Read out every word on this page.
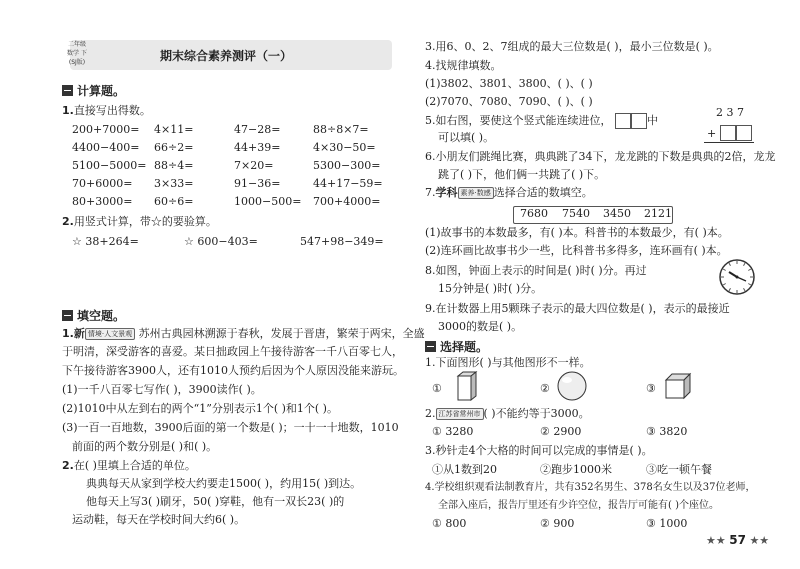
二年级
数学 下
(SJ版)	期末综合素养测评（一）
计算题。
1.直接写出得数。
200+7000= 4×11=	47−28=	88÷8×7=
4400−400= 66÷2=	44+39=	4×30−50=
5100−5000= 88÷4=	7×20=	5300−300=
70+6000= 3×33=	91−36=	44+17−59=
80+3000= 60÷6=	1000−500= 700+4000=
2.用竖式计算，带☆的要验算。
☆ 38+264=	☆ 600−403=	547+98−349=
填空题。
1.新 情境·人文景观 苏州古典园林溯源于春秋，发展于晋唐，繁荣于两宋，全盛
于明清，深受游客的喜爱。某日拙政园上午接待游客一千八百零七人，
下午接待游客3900人，还有1010人预约后因为个人原因没能来游玩。
(1)一千八百零七写作( )，3900读作( )。
(2)1010中从左到右的两个“1”分别表示1个( )和1个( )。
(3)一百一百地数，3900后面的第一个数是( )；一十一十地数，1010
前面的两个数分别是( )和( )。
2.在( )里填上合适的单位。
典典每天从家到学校大约要走1500( )，约用15( )到达。
他每天上写3( )刷牙，50( )穿鞋，他有一双长23( )的
运动鞋，每天在学校时间大约6( )。
3.用6、0、2、7组成的最大三位数是( )，最小三位数是( )。
4.找规律填数。
(1)3802、3801、3800、( )、( )
(2)7070、7080、7090、( )、( )
5.如右图，要使这个竖式能连续进位，	中
可以填( )。
2 3 7
+
6.小朋友们跳绳比赛，典典跳了34下，龙龙跳的下数是典典的2倍，龙龙
跳了( )下，他们俩一共跳了( )下。
7.学科 素养·数感 选择合适的数填空。
7680 7540 3450 2121
(1)故事书的本数最多，有( )本。科普书的本数最少，有( )本。
(2)连环画比故事书少一些，比科普书多得多，连环画有( )本。
8.如图，钟面上表示的时间是( )时( )分。再过
15分钟是( )时( )分。
9.在计数器上用5颗珠子表示的最大四位数是( )，表示的最接近
3000的数是( )。
选择题。
1.下面图形( )与其他图形不一样。
①	②	③
2. 江苏省常州市 ( )不能约等于3000。
① 3280	② 2900	③ 3820
3.秒针走4个大格的时间可以完成的事情是( )。
①从1数到20	②跑步1000米	③吃一顿午餐
4.学校组织观看法制教育片，共有352名男生、378名女生以及37位老师，
全部入座后，报告厅里还有少许空位，报告厅可能有( )个座位。
① 800	② 900	③ 1000
★★ 57 ★★
